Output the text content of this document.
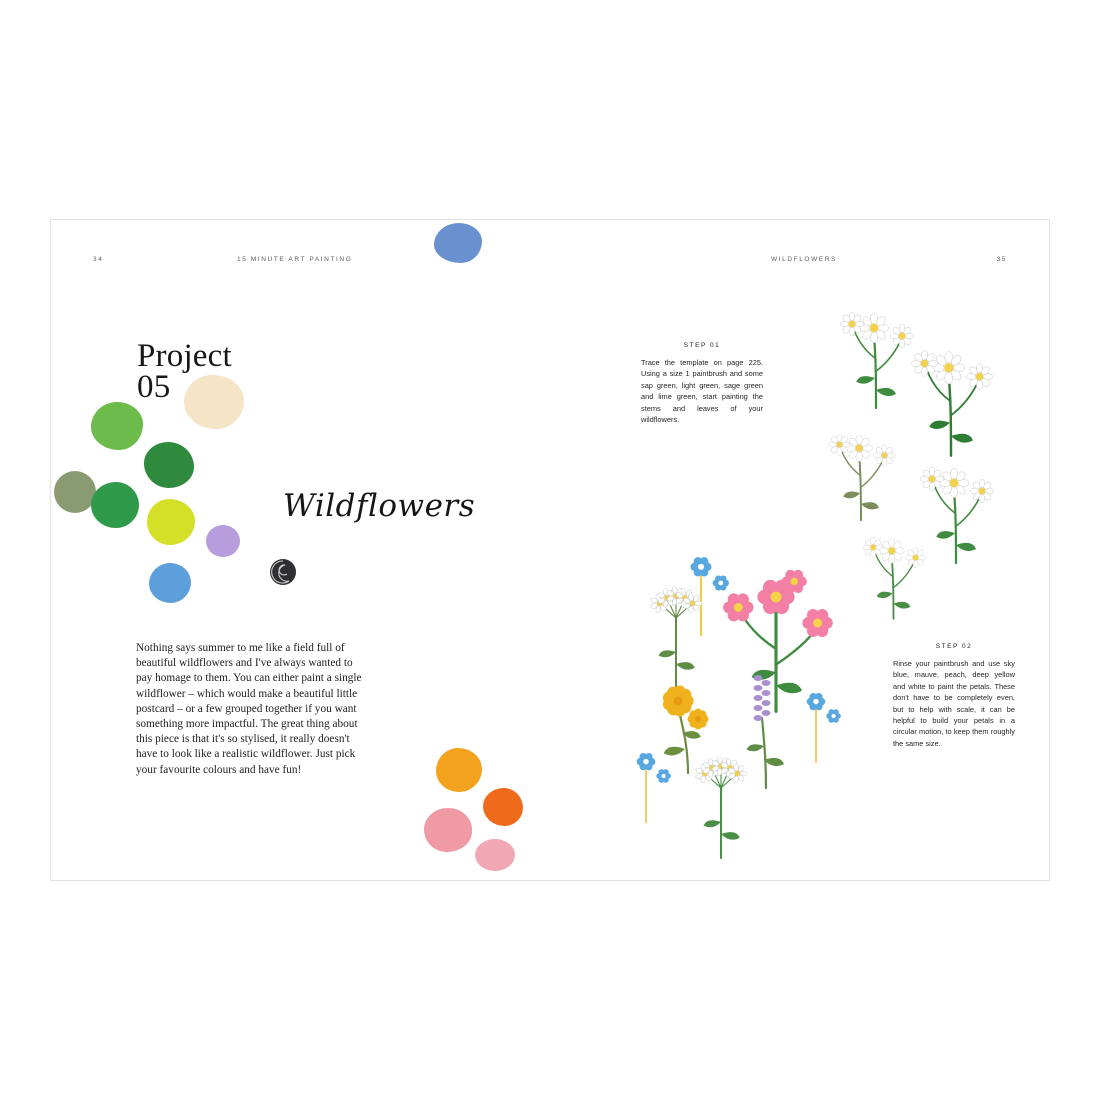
34	15 MINUTE ART PAINTING	WILDFLOWERS	35
Project
05
Wildflowers
Nothing says summer to me like a field full of beautiful wildflowers and I've always wanted to pay homage to them. You can either paint a single wildflower – which would make a beautiful little postcard – or a few grouped together if you want something more impactful. The great thing about this piece is that it's so stylised, it really doesn't have to look like a realistic wildflower. Just pick your favourite colours and have fun!
STEP 01
Trace the template on page 225. Using a size 1 paintbrush and some sap green, light green, sage green and lime green, start painting the stems and leaves of your wildflowers.
STEP 02
Rinse your paintbrush and use sky blue, mauve, peach, deep yellow and white to paint the petals. These don't have to be completely even, but to help with scale, it can be helpful to build your petals in a circular motion, to keep them roughly the same size.
